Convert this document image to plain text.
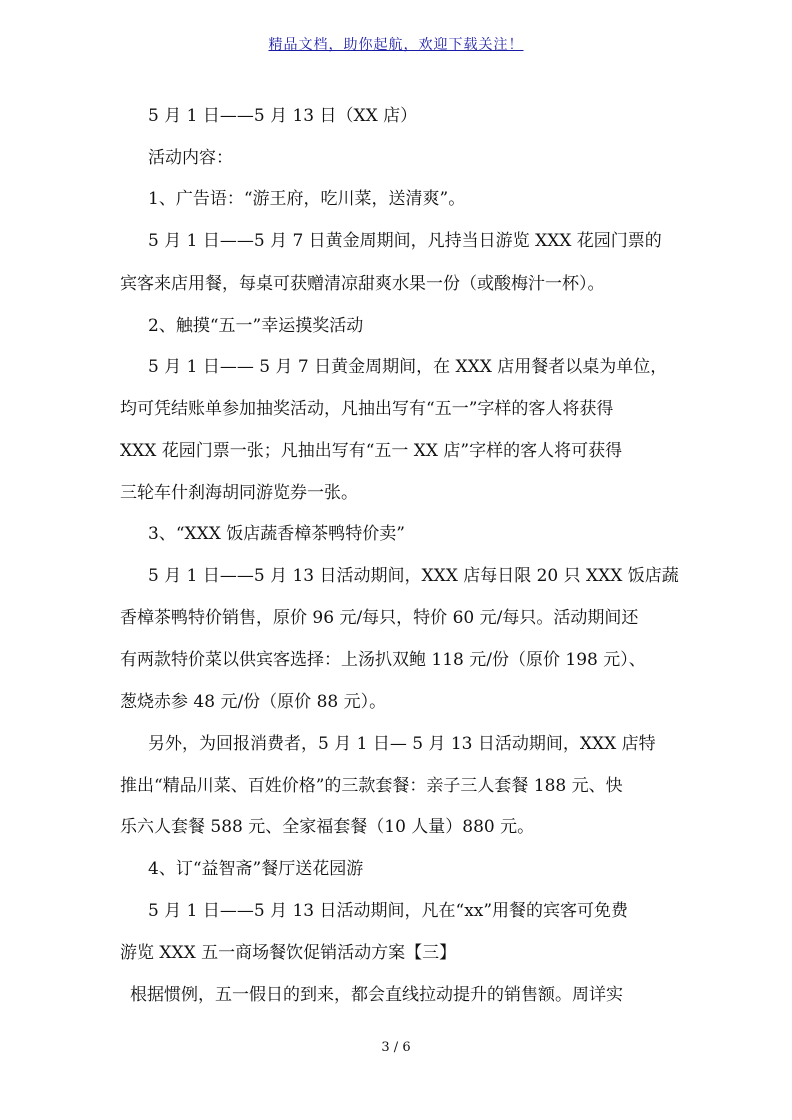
精品文档，助你起航，欢迎下载关注！
5 月 1 日——5 月 13 日（XX 店）
活动内容：
1、广告语：“游王府，吃川菜，送清爽”。
5 月 1 日——5 月 7 日黄金周期间，凡持当日游览 XXX 花园门票的
宾客来店用餐，每桌可获赠清凉甜爽水果一份（或酸梅汁一杯）。
2、触摸“五一”幸运摸奖活动
5 月 1 日—— 5 月 7 日黄金周期间，在 XXX 店用餐者以桌为单位，
均可凭结账单参加抽奖活动，凡抽出写有“五一”字样的客人将获得
XXX 花园门票一张；凡抽出写有“五一 XX 店”字样的客人将可获得
三轮车什刹海胡同游览券一张。
3、“XXX 饭店蔬香樟茶鸭特价卖”
5 月 1 日——5 月 13 日活动期间，XXX 店每日限 20 只 XXX 饭店蔬
香樟茶鸭特价销售，原价 96 元/每只，特价 60 元/每只。活动期间还
有两款特价菜以供宾客选择：上汤扒双鲍 118 元/份（原价 198 元）、
葱烧赤参 48 元/份（原价 88 元）。
另外，为回报消费者，5 月 1 日— 5 月 13 日活动期间，XXX 店特
推出“精品川菜、百姓价格”的三款套餐：亲子三人套餐 188 元、快
乐六人套餐 588 元、全家福套餐（10 人量）880 元。
4、订“益智斋”餐厅送花园游
5 月 1 日——5 月 13 日活动期间，凡在“xx”用餐的宾客可免费
游览 XXX 五一商场餐饮促销活动方案【三】
根据惯例，五一假日的到来，都会直线拉动提升的销售额。周详实
3 / 6
